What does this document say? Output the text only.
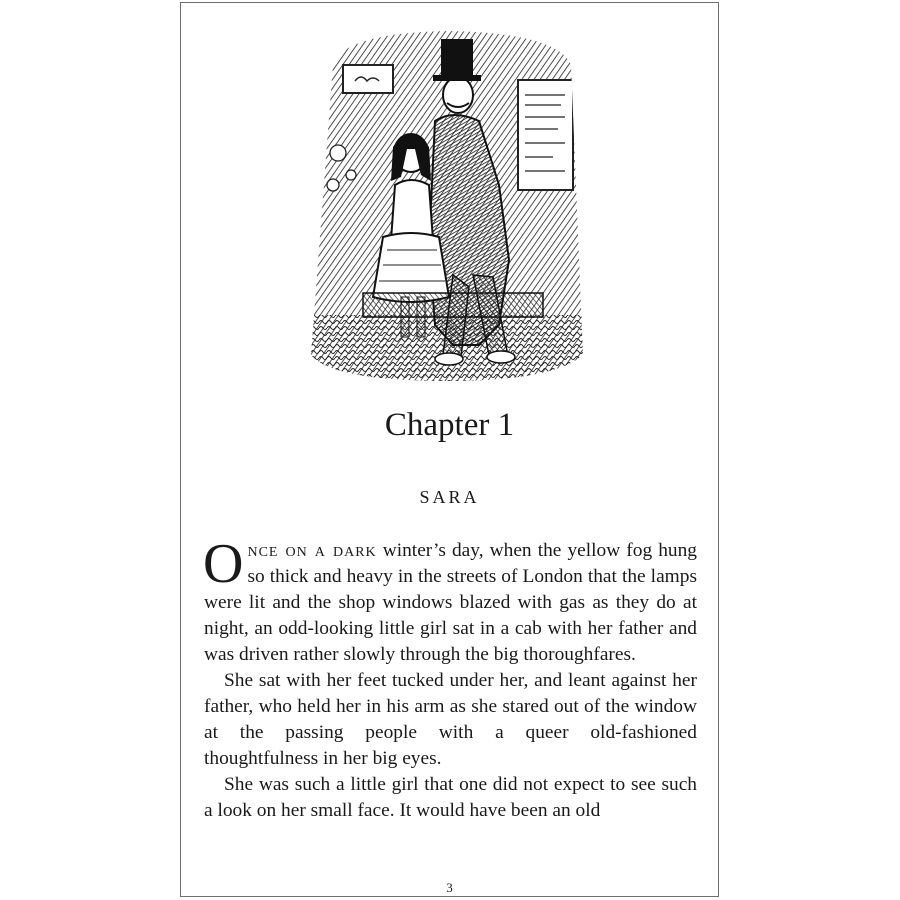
Chapter 1
SARA

Once on a dark winter’s day, when the yellow fog hung so thick and heavy in the streets of London that the lamps were lit and the shop windows blazed with gas as they do at night, an odd-looking little girl sat in a cab with her father and was driven rather slowly through the big thoroughfares.

She sat with her feet tucked under her, and leant against her father, who held her in his arm as she stared out of the window at the passing people with a queer old-fashioned thoughtfulness in her big eyes.

She was such a little girl that one did not expect to see such a look on her small face. It would have been an old

3
